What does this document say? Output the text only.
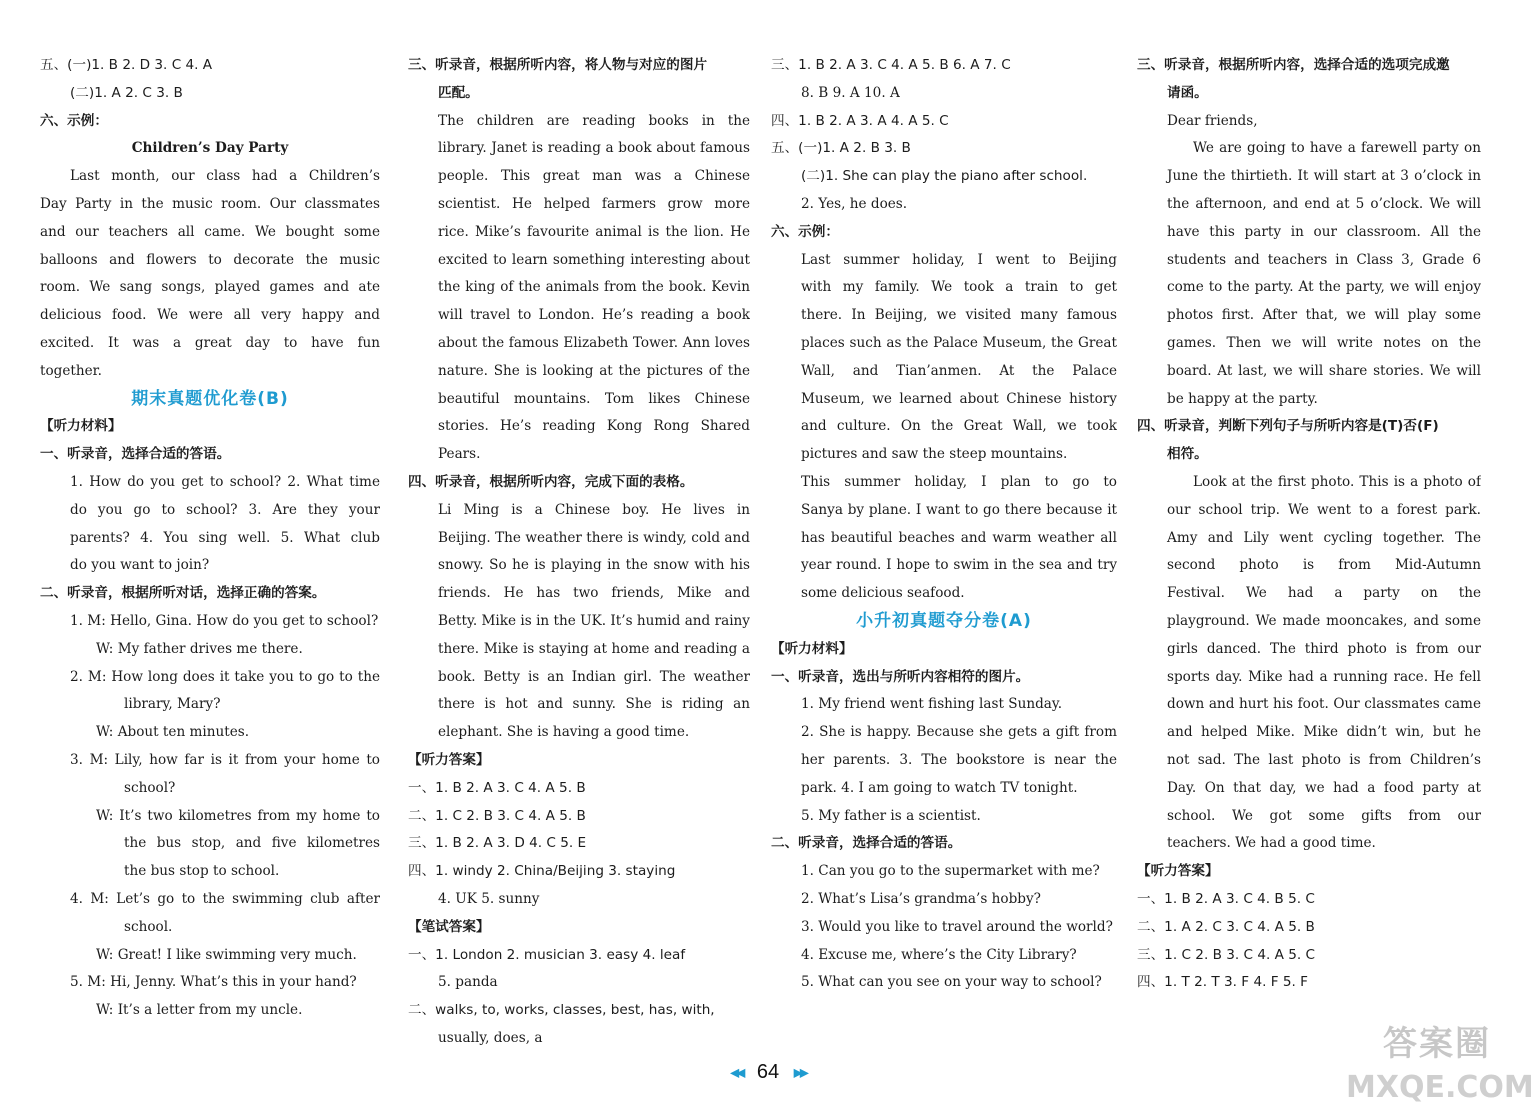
五、(一)1. B 2. D 3. C 4. A
(二)1. A 2. C 3. B
六、示例：
Children’s Day Party
Last month, our class had a Children’s
Day Party in the music room. Our classmates
and our teachers all came. We bought some
balloons and flowers to decorate the music
room. We sang songs, played games and ate
delicious food. We were all very happy and
excited. It was a great day to have fun
together.
期末真题优化卷(B)
【听力材料】
一、听录音，选择合适的答语。
1. How do you get to school? 2. What time
do you go to school? 3. Are they your
parents? 4. You sing well. 5. What club
do you want to join?
二、听录音，根据所听对话，选择正确的答案。
1. M: Hello, Gina. How do you get to school?
W: My father drives me there.
2. M: How long does it take you to go to the
library, Mary?
W: About ten minutes.
3. M: Lily, how far is it from your home to
school?
W: It’s two kilometres from my home to
the bus stop, and five kilometres
the bus stop to school.
4. M: Let’s go to the swimming club after
school.
W: Great! I like swimming very much.
5. M: Hi, Jenny. What’s this in your hand?
W: It’s a letter from my uncle.
三、听录音，根据所听内容，将人物与对应的图片
匹配。
The children are reading books in the
library. Janet is reading a book about famous
people. This great man was a Chinese
scientist. He helped farmers grow more
rice. Mike’s favourite animal is the lion. He
excited to learn something interesting about
the king of the animals from the book. Kevin
will travel to London. He’s reading a book
about the famous Elizabeth Tower. Ann loves
nature. She is looking at the pictures of the
beautiful mountains. Tom likes Chinese
stories. He’s reading Kong Rong Shared
Pears.
四、听录音，根据所听内容，完成下面的表格。
Li Ming is a Chinese boy. He lives in
Beijing. The weather there is windy, cold and
snowy. So he is playing in the snow with his
friends. He has two friends, Mike and
Betty. Mike is in the UK. It’s humid and rainy
there. Mike is staying at home and reading a
book. Betty is an Indian girl. The weather
there is hot and sunny. She is riding an
elephant. She is having a good time.
【听力答案】
一、1. B 2. A 3. C 4. A 5. B
二、1. C 2. B 3. C 4. A 5. B
三、1. B 2. A 3. D 4. C 5. E
四、1. windy 2. China/Beijing 3. staying
4. UK 5. sunny
【笔试答案】
一、1. London 2. musician 3. easy 4. leaf
5. panda
二、walks, to, works, classes, best, has, with,
usually, does, a
三、1. B 2. A 3. C 4. A 5. B 6. A 7. C
8. B 9. A 10. A
四、1. B 2. A 3. A 4. A 5. C
五、(一)1. A 2. B 3. B
(二)1. She can play the piano after school.
2. Yes, he does.
六、示例：
Last summer holiday, I went to Beijing
with my family. We took a train to get
there. In Beijing, we visited many famous
places such as the Palace Museum, the Great
Wall, and Tian’anmen. At the Palace
Museum, we learned about Chinese history
and culture. On the Great Wall, we took
pictures and saw the steep mountains.
This summer holiday, I plan to go to
Sanya by plane. I want to go there because it
has beautiful beaches and warm weather all
year round. I hope to swim in the sea and try
some delicious seafood.
小升初真题夺分卷(A)
【听力材料】
一、听录音，选出与所听内容相符的图片。
1. My friend went fishing last Sunday.
2. She is happy. Because she gets a gift from
her parents. 3. The bookstore is near the
park. 4. I am going to watch TV tonight.
5. My father is a scientist.
二、听录音，选择合适的答语。
1. Can you go to the supermarket with me?
2. What’s Lisa’s grandma’s hobby?
3. Would you like to travel around the world?
4. Excuse me, where’s the City Library?
5. What can you see on your way to school?
三、听录音，根据所听内容，选择合适的选项完成邀
请函。
Dear friends,
We are going to have a farewell party on
June the thirtieth. It will start at 3 o’clock in
the afternoon, and end at 5 o’clock. We will
have this party in our classroom. All the
students and teachers in Class 3, Grade 6
come to the party. At the party, we will enjoy
photos first. After that, we will play some
games. Then we will write notes on the
board. At last, we will share stories. We will
be happy at the party.
四、听录音，判断下列句子与所听内容是(T)否(F)
相符。
Look at the first photo. This is a photo of
our school trip. We went to a forest park.
Amy and Lily went cycling together. The
second photo is from Mid-Autumn
Festival. We had a party on the
playground. We made mooncakes, and some
girls danced. The third photo is from our
sports day. Mike had a running race. He fell
down and hurt his foot. Our classmates came
and helped Mike. Mike didn’t win, but he
not sad. The last photo is from Children’s
Day. On that day, we had a food party at
school. We got some gifts from our
teachers. We had a good time.
【听力答案】
一、1. B 2. A 3. C 4. B 5. C
二、1. A 2. C 3. C 4. A 5. B
三、1. C 2. B 3. C 4. A 5. C
四、1. T 2. T 3. F 4. F 5. F
◀◀ 64 ▶▶
答案圈
MXQE.COM
